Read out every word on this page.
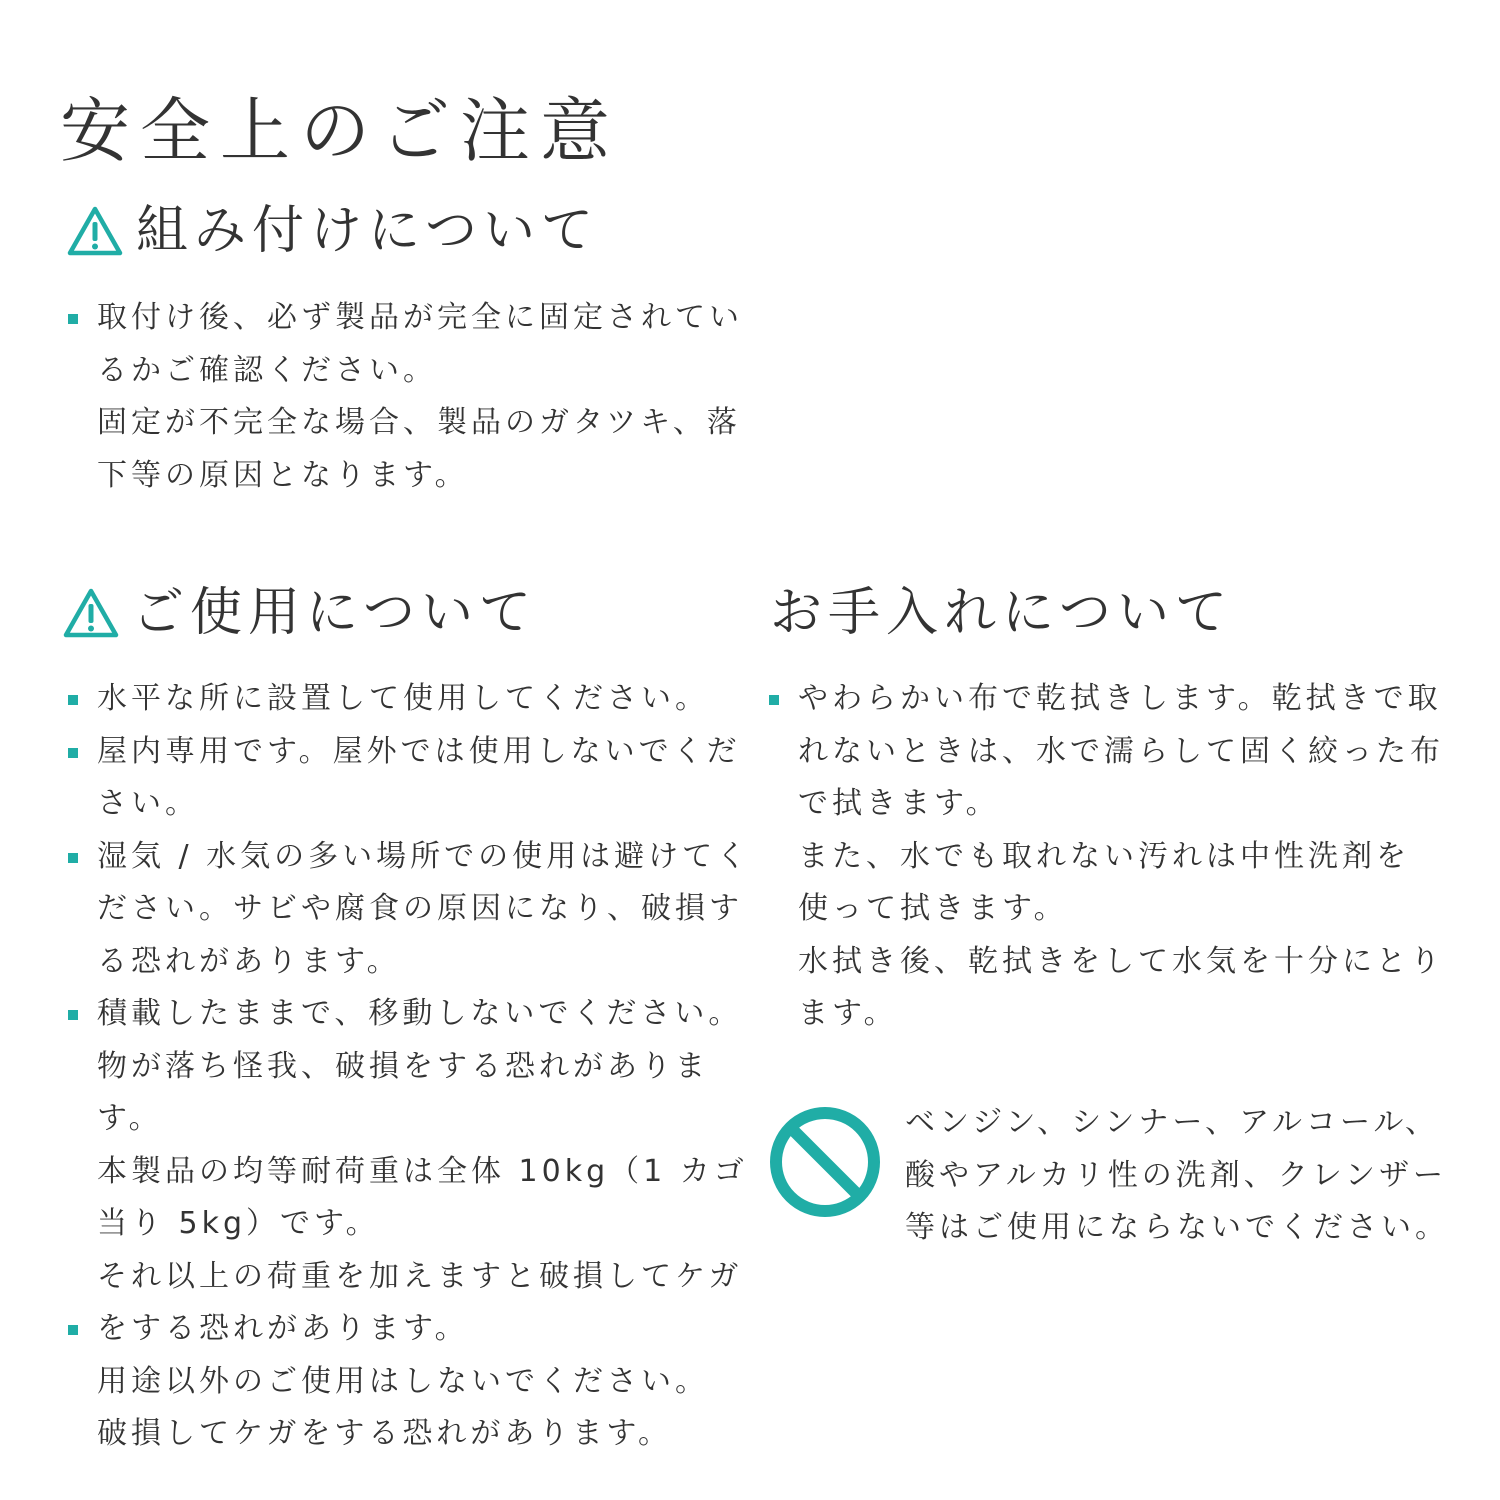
安全上のご注意
組み付けについて
取付け後、必ず製品が完全に固定されてい
るかご確認ください。
固定が不完全な場合、製品のガタツキ、落
下等の原因となります。
ご使用について
水平な所に設置して使用してください。
屋内専用です。屋外では使用しないでくだ
さい。
湿気 / 水気の多い場所での使用は避けてく
ださい。サビや腐食の原因になり、破損す
る恐れがあります。
積載したままで、移動しないでください。
物が落ち怪我、破損をする恐れがありま
す。
本製品の均等耐荷重は全体 10kg（1 カゴ
当り 5kg）です。
それ以上の荷重を加えますと破損してケガ
をする恐れがあります。
用途以外のご使用はしないでください。
破損してケガをする恐れがあります。
お手入れについて
やわらかい布で乾拭きします。乾拭きで取
れないときは、水で濡らして固く絞った布
で拭きます。
また、水でも取れない汚れは中性洗剤を
使って拭きます。
水拭き後、乾拭きをして水気を十分にとり
ます。
ベンジン、シンナー、アルコール、
酸やアルカリ性の洗剤、クレンザー
等はご使用にならないでください。
